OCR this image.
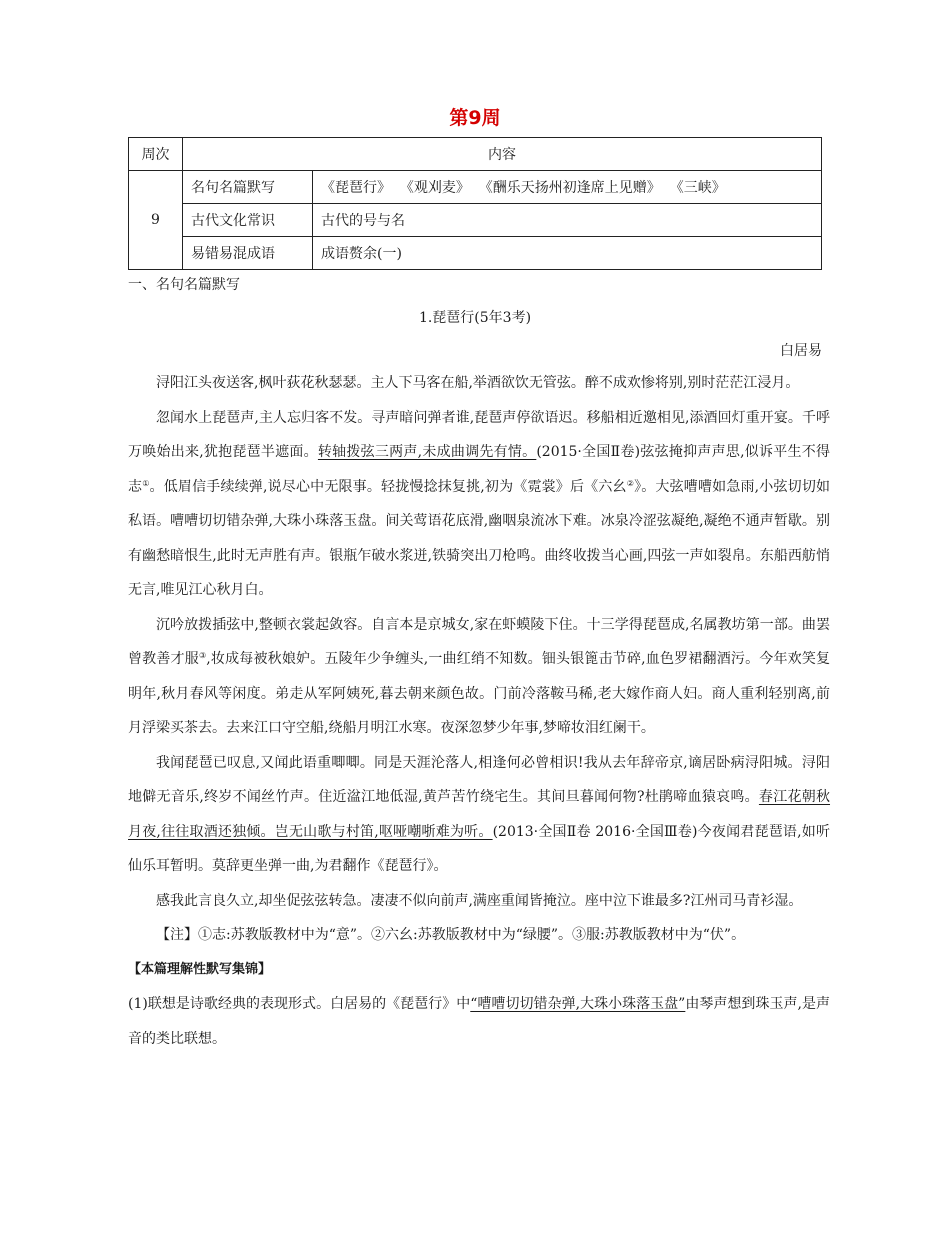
第9周
周次	内容	
9	名句名篇默写	《琵琶行》  《观刈麦》  《酬乐天扬州初逢席上见赠》  《三峡》
	古代文化常识	古代的号与名
	易错易混成语	成语赘余(一)
一、名句名篇默写
1.琵琶行(5年3考)
白居易

浔阳江头夜送客,枫叶荻花秋瑟瑟。主人下马客在船,举酒欲饮无管弦。醉不成欢惨将别,别时茫茫江浸月。

忽闻水上琵琶声,主人忘归客不发。寻声暗问弹者谁,琵琶声停欲语迟。移船相近邀相见,添酒回灯重开宴。千呼万唤始出来,犹抱琵琶半遮面。转轴拨弦三两声,未成曲调先有情。(2015·全国Ⅱ卷)弦弦掩抑声声思,似诉平生不得志①。低眉信手续续弹,说尽心中无限事。轻拢慢捻抹复挑,初为《霓裳》后《六幺②》。大弦嘈嘈如急雨,小弦切切如私语。嘈嘈切切错杂弹,大珠小珠落玉盘。间关莺语花底滑,幽咽泉流冰下难。冰泉冷涩弦凝绝,凝绝不通声暂歇。别有幽愁暗恨生,此时无声胜有声。银瓶乍破水浆迸,铁骑突出刀枪鸣。曲终收拨当心画,四弦一声如裂帛。东船西舫悄无言,唯见江心秋月白。

沉吟放拨插弦中,整顿衣裳起敛容。自言本是京城女,家在虾蟆陵下住。十三学得琵琶成,名属教坊第一部。曲罢曾教善才服③,妆成每被秋娘妒。五陵年少争缠头,一曲红绡不知数。钿头银篦击节碎,血色罗裙翻酒污。今年欢笑复明年,秋月春风等闲度。弟走从军阿姨死,暮去朝来颜色故。门前冷落鞍马稀,老大嫁作商人妇。商人重利轻别离,前月浮梁买茶去。去来江口守空船,绕船月明江水寒。夜深忽梦少年事,梦啼妆泪红阑干。

我闻琵琶已叹息,又闻此语重唧唧。同是天涯沦落人,相逢何必曾相识!我从去年辞帝京,谪居卧病浔阳城。浔阳地僻无音乐,终岁不闻丝竹声。住近湓江地低湿,黄芦苦竹绕宅生。其间旦暮闻何物?杜鹃啼血猿哀鸣。春江花朝秋月夜,往往取酒还独倾。岂无山歌与村笛,呕哑嘲哳难为听。(2013·全国Ⅱ卷 2016·全国Ⅲ卷)今夜闻君琵琶语,如听仙乐耳暂明。莫辞更坐弹一曲,为君翻作《琵琶行》。

感我此言良久立,却坐促弦弦转急。凄凄不似向前声,满座重闻皆掩泣。座中泣下谁最多?江州司马青衫湿。

【注】①志:苏教版教材中为“意”。②六幺:苏教版教材中为“绿腰”。③服:苏教版教材中为“伏”。

【本篇理解性默写集锦】

(1)联想是诗歌经典的表现形式。白居易的《琵琶行》中“嘈嘈切切错杂弹,大珠小珠落玉盘”由琴声想到珠玉声,是声音的类比联想。
